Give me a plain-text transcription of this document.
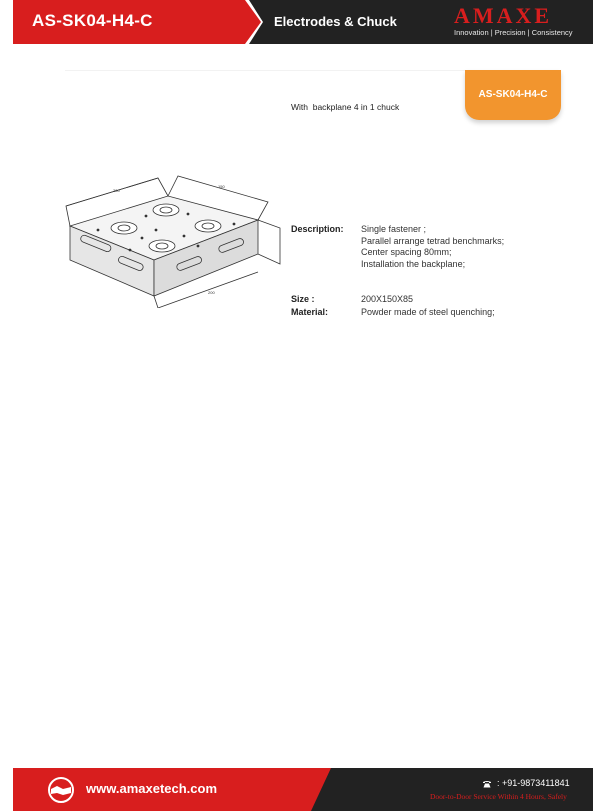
AS-SK04-H4-C	Electrodes & Chuck	AMAXE
Innovation | Precision | Consistency
AS-SK04-H4-C
With  backplane 4 in 1 chuck
200
150
200
Description: Single fastener ;
Parallel arrange tetrad benchmarks;
Center spacing 80mm;
Installation the backplane;
Size :	200X150X85
Material:	Powder made of steel quenching;
www.amaxetech.com	: +91-9873411841
Door-to-Door Service Within 4 Hours, Safely
